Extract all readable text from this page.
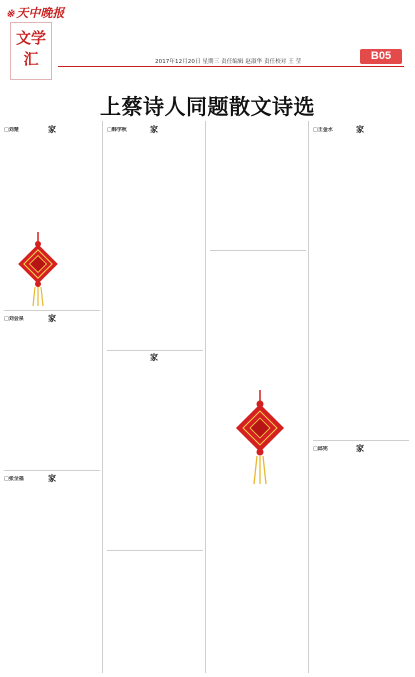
※ 天中晚报
文学
汇	2017年12月20日 星期三 责任编辑 赵淑华 责任校对 王 莹	B05
上蔡诗人同题散文诗选
□刘楚	家
□刘会泉	家
□张全福	家
□韩学秋	家
家
□王金水	家
□邱宪	家
